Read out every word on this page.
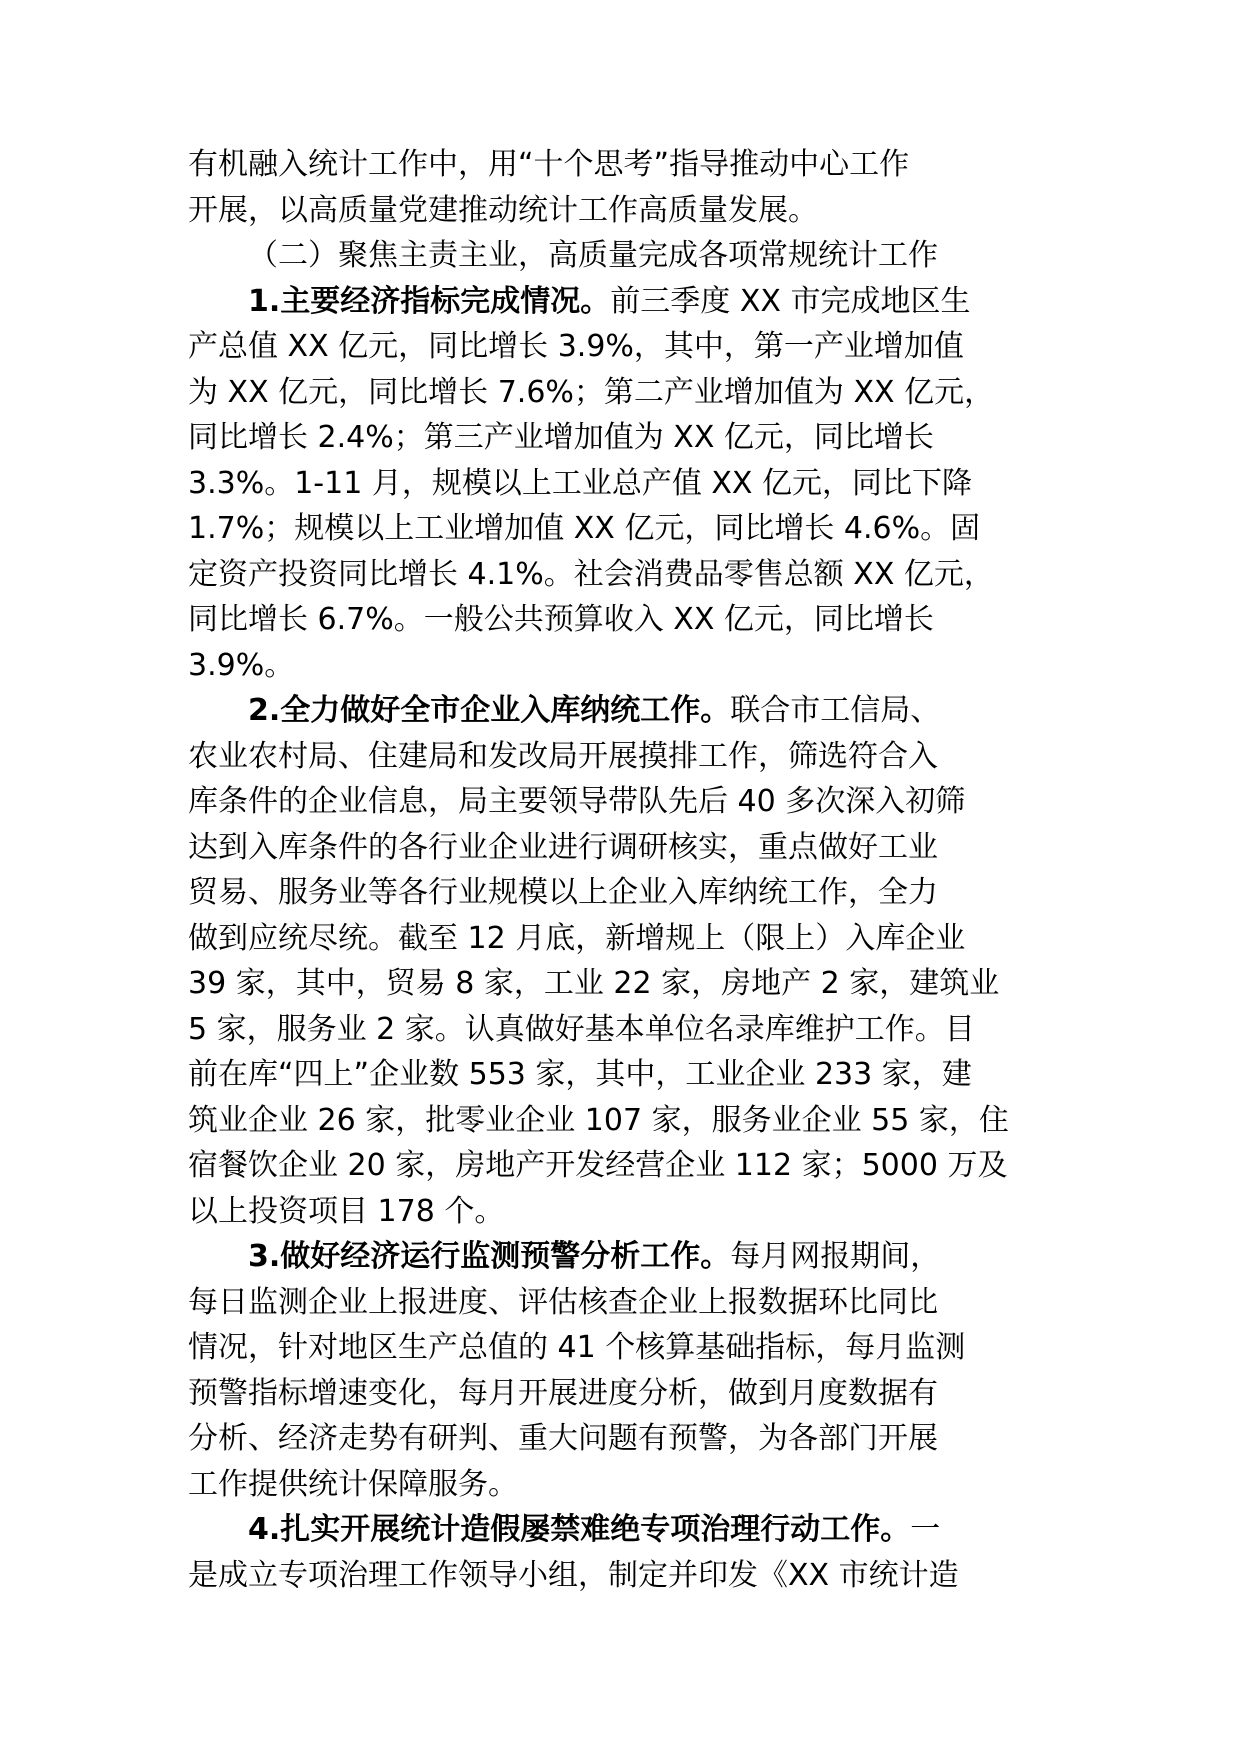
有机融入统计工作中，用“十个思考”指导推动中心工作
开展，以高质量党建推动统计工作高质量发展。
（二）聚焦主责主业，高质量完成各项常规统计工作
1.主要经济指标完成情况。前三季度 XX 市完成地区生
产总值 XX 亿元，同比增长 3.9%，其中，第一产业增加值
为 XX 亿元，同比增长 7.6%；第二产业增加值为 XX 亿元，
同比增长 2.4%；第三产业增加值为 XX 亿元，同比增长
3.3%。1-11 月，规模以上工业总产值 XX 亿元，同比下降
1.7%；规模以上工业增加值 XX 亿元，同比增长 4.6%。固
定资产投资同比增长 4.1%。社会消费品零售总额 XX 亿元，
同比增长 6.7%。一般公共预算收入 XX 亿元，同比增长
3.9%。
2.全力做好全市企业入库纳统工作。联合市工信局、
农业农村局、住建局和发改局开展摸排工作，筛选符合入
库条件的企业信息，局主要领导带队先后 40 多次深入初筛
达到入库条件的各行业企业进行调研核实，重点做好工业
贸易、服务业等各行业规模以上企业入库纳统工作，全力
做到应统尽统。截至 12 月底，新增规上（限上）入库企业
39 家，其中，贸易 8 家，工业 22 家，房地产 2 家，建筑业
5 家，服务业 2 家。认真做好基本单位名录库维护工作。目
前在库“四上”企业数 553 家，其中，工业企业 233 家，建
筑业企业 26 家，批零业企业 107 家，服务业企业 55 家，住
宿餐饮企业 20 家，房地产开发经营企业 112 家；5000 万及
以上投资项目 178 个。
3.做好经济运行监测预警分析工作。每月网报期间，
每日监测企业上报进度、评估核查企业上报数据环比同比
情况，针对地区生产总值的 41 个核算基础指标，每月监测
预警指标增速变化，每月开展进度分析，做到月度数据有
分析、经济走势有研判、重大问题有预警，为各部门开展
工作提供统计保障服务。
4.扎实开展统计造假屡禁难绝专项治理行动工作。一
是成立专项治理工作领导小组，制定并印发《XX 市统计造
